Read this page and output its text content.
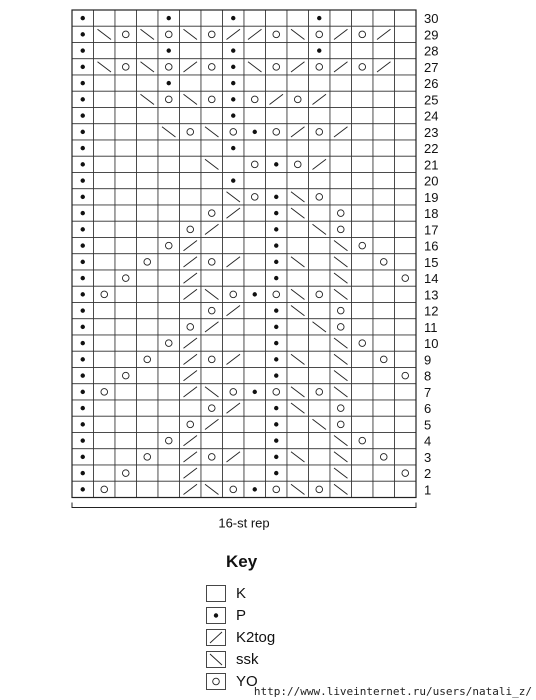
30
29
28
27
26
25
24
23
22
21
20
19
18
17
16
15
14
13
12
11
10
9
8
7
6
5
4
3
2
1
16-st rep
Key
K
P
K2tog
ssk
YO
http://www.liveinternet.ru/users/natali_z/
